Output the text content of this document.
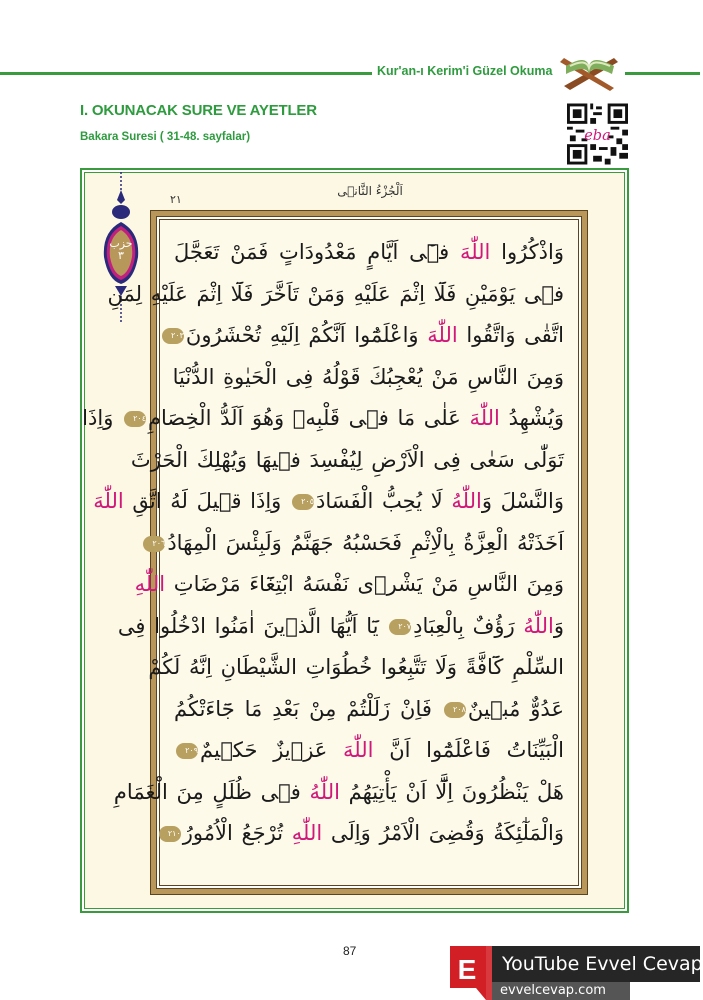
Kur'an-ı Kerim'i Güzel Okuma
I. OKUNACAK SURE VE AYETLER
Bakara Suresi ( 31-48. sayfalar)	eba
٢١
اَلْجُزْءُ الثَّانٖى
حزب
٣	وَاذْكُرُوا اللّٰهَ فٖٓى اَيَّامٍ مَعْدُودَاتٍ فَمَنْ تَعَجَّلَ
فٖى يَوْمَيْنِ فَلَٓا اِثْمَ عَلَيْهِ وَمَنْ تَاَخَّرَ فَلَٓا اِثْمَ عَلَيْهِ لِمَنِ
اتَّقٰى وَاتَّقُوا اللّٰهَ وَاعْلَمُٓوا اَنَّكُمْ اِلَيْهِ تُحْشَرُونَ٢٠٣
وَمِنَ النَّاسِ مَنْ يُعْجِبُكَ قَوْلُهُ فِى الْحَيٰوةِ الدُّنْيَا
وَيُشْهِدُ اللّٰهَ عَلٰى مَا فٖى قَلْبِهٖ وَهُوَ اَلَدُّ الْخِصَامِ٢٠٤ وَاِذَا
تَوَلّٰى سَعٰى فِى الْاَرْضِ لِيُفْسِدَ فٖيهَا وَيُهْلِكَ الْحَرْثَ
وَالنَّسْلَ وَاللّٰهُ لَا يُحِبُّ الْفَسَادَ٢٠٥ وَاِذَا قٖيلَ لَهُ اتَّقِ اللّٰهَ
اَخَذَتْهُ الْعِزَّةُ بِالْاِثْمِ فَحَسْبُهُ جَهَنَّمُ وَلَبِئْسَ الْمِهَادُ٢٠٦
وَمِنَ النَّاسِ مَنْ يَشْرٖى نَفْسَهُ ابْتِغَٓاءَ مَرْضَاتِ اللّٰهِ
وَاللّٰهُ رَؤُفٌ بِالْعِبَادِ٢٠٧ يَٓا اَيُّهَا الَّذٖينَ اٰمَنُوا ادْخُلُوا فِى
السِّلْمِ كَٓافَّةً وَلَا تَتَّبِعُوا خُطُوَاتِ الشَّيْطَانِ اِنَّهُ لَكُمْ
عَدُوٌّ مُبٖينٌ٢٠٨ فَاِنْ زَلَلْتُمْ مِنْ بَعْدِ مَا جَٓاءَتْكُمُ
الْبَيِّنَاتُ فَاعْلَمُٓوا اَنَّ اللّٰهَ عَزٖيزٌ حَكٖيمٌ٢٠٩
هَلْ يَنْظُرُونَ اِلَّٓا اَنْ يَأْتِيَهُمُ اللّٰهُ فٖى ظُلَلٍ مِنَ الْغَمَامِ
وَالْمَلٰٓئِكَةُ وَقُضِىَ الْاَمْرُ وَاِلَى اللّٰهِ تُرْجَعُ الْاُمُورُ٢١٠
87
E	YouTube Evvel Cevap
evvelcevap.com
